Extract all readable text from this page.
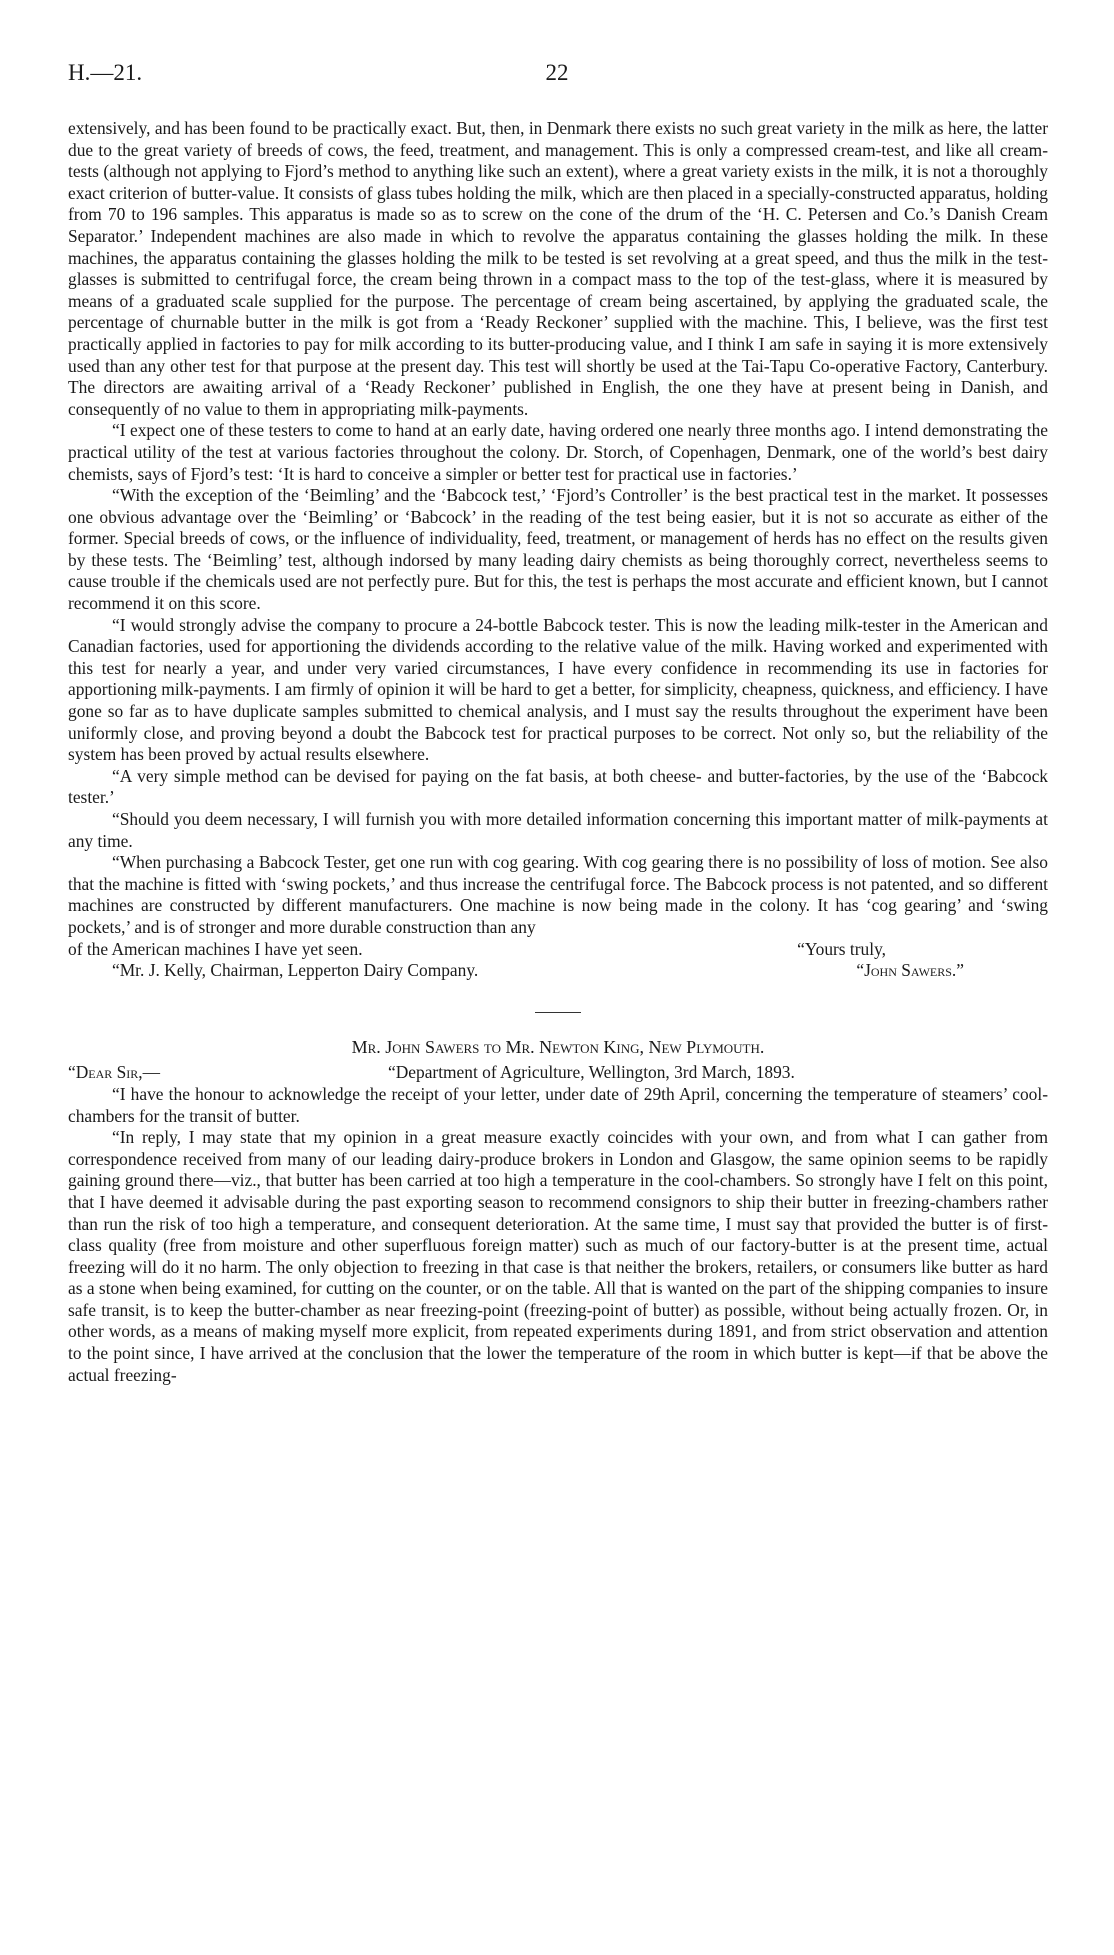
H.—21.	22

extensively, and has been found to be practically exact. But, then, in Denmark there exists no such great variety in the milk as here, the latter due to the great variety of breeds of cows, the feed, treatment, and management. This is only a compressed cream-test, and like all cream-tests (although not applying to Fjord’s method to anything like such an extent), where a great variety exists in the milk, it is not a thoroughly exact criterion of butter-value. It consists of glass tubes holding the milk, which are then placed in a specially-constructed apparatus, holding from 70 to 196 samples. This apparatus is made so as to screw on the cone of the drum of the ‘H. C. Petersen and Co.’s Danish Cream Separator.’ Independent machines are also made in which to revolve the apparatus containing the glasses holding the milk. In these machines, the apparatus containing the glasses holding the milk to be tested is set revolving at a great speed, and thus the milk in the test-glasses is submitted to centrifugal force, the cream being thrown in a compact mass to the top of the test-glass, where it is measured by means of a graduated scale supplied for the purpose. The percentage of cream being ascertained, by applying the graduated scale, the percentage of churnable butter in the milk is got from a ‘Ready Reckoner’ supplied with the machine. This, I believe, was the first test practically applied in factories to pay for milk according to its butter-producing value, and I think I am safe in saying it is more extensively used than any other test for that purpose at the present day. This test will shortly be used at the Tai-Tapu Co-operative Factory, Canterbury. The directors are awaiting arrival of a ‘Ready Reckoner’ published in English, the one they have at present being in Danish, and consequently of no value to them in appropriating milk-payments.

“I expect one of these testers to come to hand at an early date, having ordered one nearly three months ago. I intend demonstrating the practical utility of the test at various factories throughout the colony. Dr. Storch, of Copenhagen, Denmark, one of the world’s best dairy chemists, says of Fjord’s test: ‘It is hard to conceive a simpler or better test for practical use in factories.’

“With the exception of the ‘Beimling’ and the ‘Babcock test,’ ‘Fjord’s Controller’ is the best practical test in the market. It possesses one obvious advantage over the ‘Beimling’ or ‘Babcock’ in the reading of the test being easier, but it is not so accurate as either of the former. Special breeds of cows, or the influence of individuality, feed, treatment, or management of herds has no effect on the results given by these tests. The ‘Beimling’ test, although indorsed by many leading dairy chemists as being thoroughly correct, nevertheless seems to cause trouble if the chemicals used are not perfectly pure. But for this, the test is perhaps the most accurate and efficient known, but I cannot recommend it on this score.

“I would strongly advise the company to procure a 24-bottle Babcock tester. This is now the leading milk-tester in the American and Canadian factories, used for apportioning the dividends according to the relative value of the milk. Having worked and experimented with this test for nearly a year, and under very varied circumstances, I have every confidence in recommending its use in factories for apportioning milk-payments. I am firmly of opinion it will be hard to get a better, for simplicity, cheapness, quickness, and efficiency. I have gone so far as to have duplicate samples submitted to chemical analysis, and I must say the results throughout the experiment have been uniformly close, and proving beyond a doubt the Babcock test for practical purposes to be correct. Not only so, but the reliability of the system has been proved by actual results elsewhere.

“A very simple method can be devised for paying on the fat basis, at both cheese- and butter-factories, by the use of the ‘Babcock tester.’

“Should you deem necessary, I will furnish you with more detailed information concerning this important matter of milk-payments at any time.

“When purchasing a Babcock Tester, get one run with cog gearing. With cog gearing there is no possibility of loss of motion. See also that the machine is fitted with ‘swing pockets,’ and thus increase the centrifugal force. The Babcock process is not patented, and so different machines are constructed by different manufacturers. One machine is now being made in the colony. It has ‘cog gearing’ and ‘swing pockets,’ and is of stronger and more durable construction than any

of the American machines I have yet seen.	“Yours truly,
“Mr. J. Kelly, Chairman, Lepperton Dairy Company.	“John Sawers.”
Mr. John Sawers to Mr. Newton King, New Plymouth.
“Dear Sir,—	“Department of Agriculture, Wellington, 3rd March, 1893.

“I have the honour to acknowledge the receipt of your letter, under date of 29th April, concerning the temperature of steamers’ cool-chambers for the transit of butter.

“In reply, I may state that my opinion in a great measure exactly coincides with your own, and from what I can gather from correspondence received from many of our leading dairy-produce brokers in London and Glasgow, the same opinion seems to be rapidly gaining ground there—viz., that butter has been carried at too high a temperature in the cool-chambers. So strongly have I felt on this point, that I have deemed it advisable during the past exporting season to recommend consignors to ship their butter in freezing-chambers rather than run the risk of too high a temperature, and consequent deterioration. At the same time, I must say that provided the butter is of first-class quality (free from moisture and other superfluous foreign matter) such as much of our factory-butter is at the present time, actual freezing will do it no harm. The only objection to freezing in that case is that neither the brokers, retailers, or consumers like butter as hard as a stone when being examined, for cutting on the counter, or on the table. All that is wanted on the part of the shipping companies to insure safe transit, is to keep the butter-chamber as near freezing-point (freezing-point of butter) as possible, without being actually frozen. Or, in other words, as a means of making myself more explicit, from repeated experiments during 1891, and from strict observation and attention to the point since, I have arrived at the conclusion that the lower the temperature of the room in which butter is kept—if that be above the actual freezing-
